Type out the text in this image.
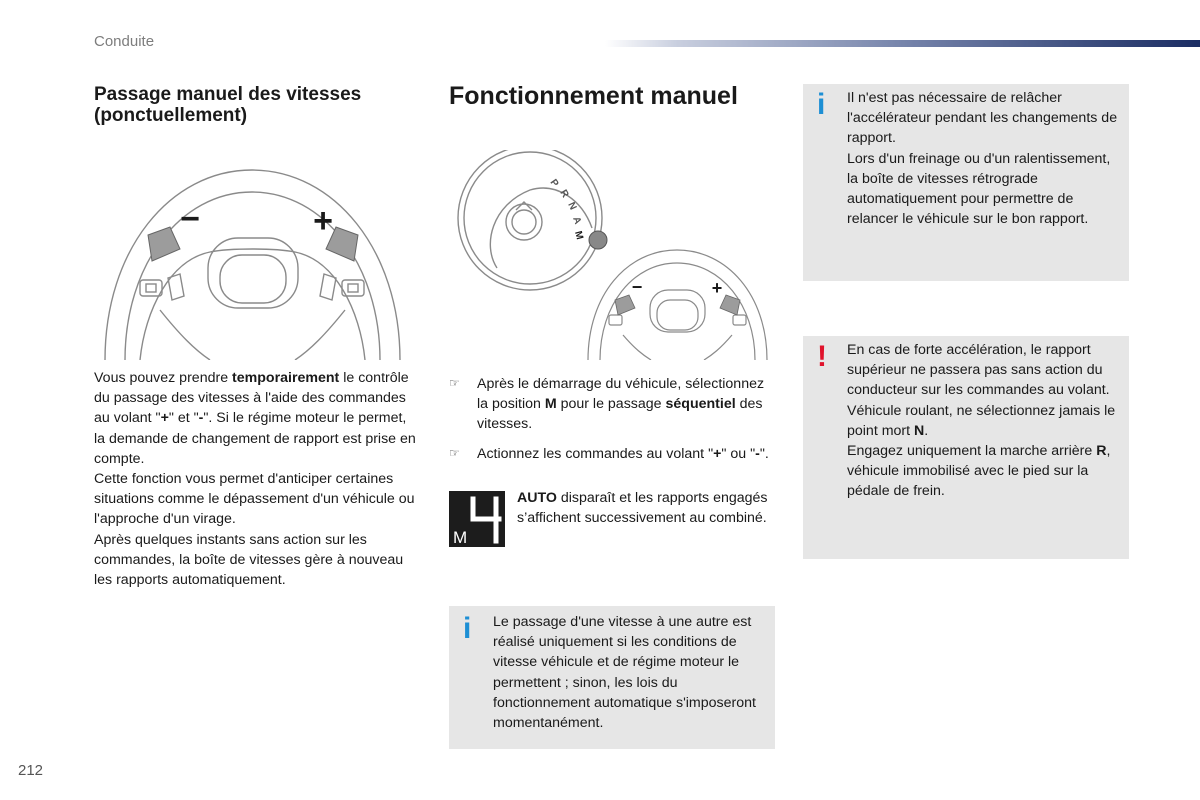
Conduite
Passage manuel des vitesses (ponctuellement)
−	+
Vous pouvez prendre temporairement le contrôle du passage des vitesses à l'aide des commandes au volant "+" et "-". Si le régime moteur le permet, la demande de changement de rapport est prise en compte.
Cette fonction vous permet d'anticiper certaines situations comme le dépassement d'un véhicule ou l'approche d'un virage.
Après quelques instants sans action sur les commandes, la boîte de vitesses gère à nouveau les rapports automatiquement.
Fonctionnement manuel
P
R
N
A
M
−	+
☞ Après le démarrage du véhicule, sélectionnez la position M pour le passage séquentiel des vitesses.
☞ Actionnez les commandes au volant "+" ou "-".
M
4	AUTO disparaît et les rapports engagés s’affichent successivement au combiné.
i Le passage d'une vitesse à une autre est réalisé uniquement si les conditions de vitesse véhicule et de régime moteur le permettent ; sinon, les lois du fonctionnement automatique s'imposeront momentanément.
i Il n'est pas nécessaire de relâcher l'accélérateur pendant les changements de rapport.
Lors d'un freinage ou d'un ralentissement, la boîte de vitesses rétrograde automatiquement pour permettre de relancer le véhicule sur le bon rapport.
! En cas de forte accélération, le rapport supérieur ne passera pas sans action du conducteur sur les commandes au volant.
Véhicule roulant, ne sélectionnez jamais le point mort N.
Engagez uniquement la marche arrière R, véhicule immobilisé avec le pied sur la pédale de frein.
212
